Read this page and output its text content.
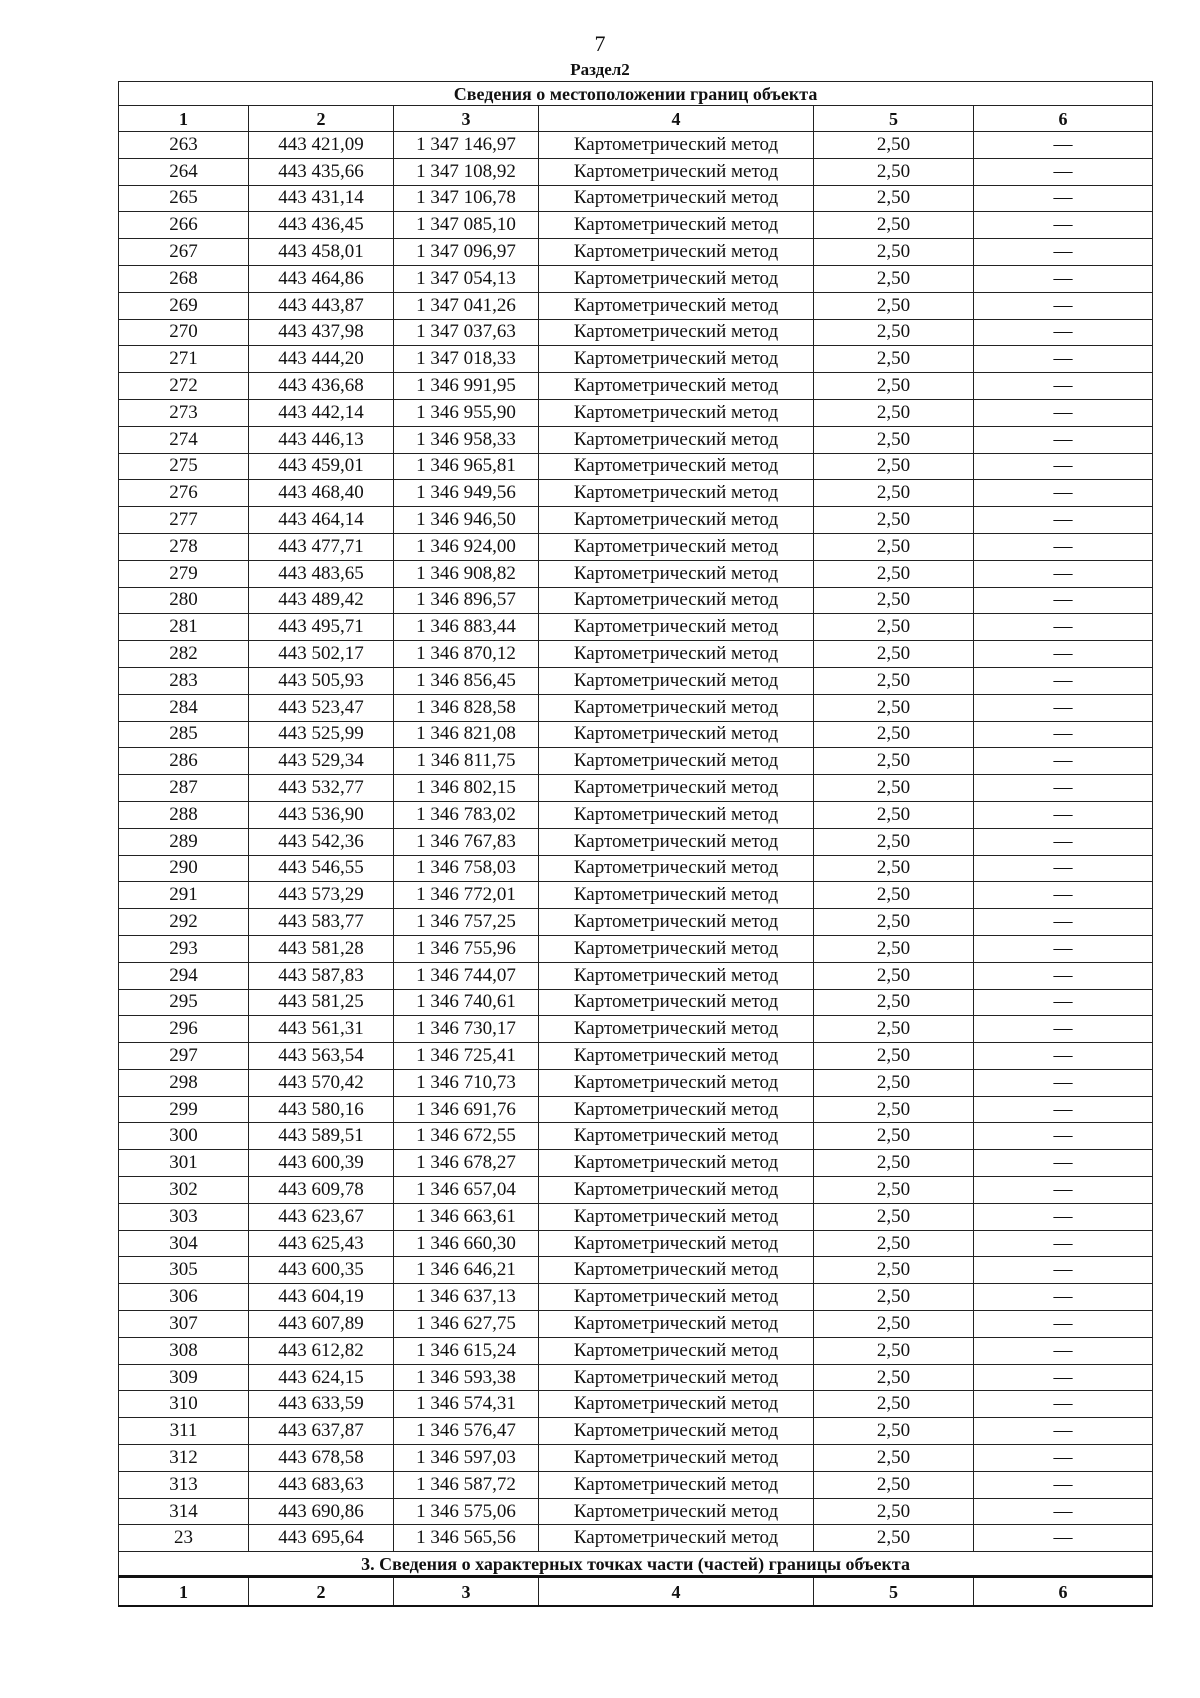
7
Раздел2
Сведения о местоположении границ объекта					
1	2	3	4	5	6
263	443 421,09	1 347 146,97	Картометрический метод	2,50	—
264	443 435,66	1 347 108,92	Картометрический метод	2,50	—
265	443 431,14	1 347 106,78	Картометрический метод	2,50	—
266	443 436,45	1 347 085,10	Картометрический метод	2,50	—
267	443 458,01	1 347 096,97	Картометрический метод	2,50	—
268	443 464,86	1 347 054,13	Картометрический метод	2,50	—
269	443 443,87	1 347 041,26	Картометрический метод	2,50	—
270	443 437,98	1 347 037,63	Картометрический метод	2,50	—
271	443 444,20	1 347 018,33	Картометрический метод	2,50	—
272	443 436,68	1 346 991,95	Картометрический метод	2,50	—
273	443 442,14	1 346 955,90	Картометрический метод	2,50	—
274	443 446,13	1 346 958,33	Картометрический метод	2,50	—
275	443 459,01	1 346 965,81	Картометрический метод	2,50	—
276	443 468,40	1 346 949,56	Картометрический метод	2,50	—
277	443 464,14	1 346 946,50	Картометрический метод	2,50	—
278	443 477,71	1 346 924,00	Картометрический метод	2,50	—
279	443 483,65	1 346 908,82	Картометрический метод	2,50	—
280	443 489,42	1 346 896,57	Картометрический метод	2,50	—
281	443 495,71	1 346 883,44	Картометрический метод	2,50	—
282	443 502,17	1 346 870,12	Картометрический метод	2,50	—
283	443 505,93	1 346 856,45	Картометрический метод	2,50	—
284	443 523,47	1 346 828,58	Картометрический метод	2,50	—
285	443 525,99	1 346 821,08	Картометрический метод	2,50	—
286	443 529,34	1 346 811,75	Картометрический метод	2,50	—
287	443 532,77	1 346 802,15	Картометрический метод	2,50	—
288	443 536,90	1 346 783,02	Картометрический метод	2,50	—
289	443 542,36	1 346 767,83	Картометрический метод	2,50	—
290	443 546,55	1 346 758,03	Картометрический метод	2,50	—
291	443 573,29	1 346 772,01	Картометрический метод	2,50	—
292	443 583,77	1 346 757,25	Картометрический метод	2,50	—
293	443 581,28	1 346 755,96	Картометрический метод	2,50	—
294	443 587,83	1 346 744,07	Картометрический метод	2,50	—
295	443 581,25	1 346 740,61	Картометрический метод	2,50	—
296	443 561,31	1 346 730,17	Картометрический метод	2,50	—
297	443 563,54	1 346 725,41	Картометрический метод	2,50	—
298	443 570,42	1 346 710,73	Картометрический метод	2,50	—
299	443 580,16	1 346 691,76	Картометрический метод	2,50	—
300	443 589,51	1 346 672,55	Картометрический метод	2,50	—
301	443 600,39	1 346 678,27	Картометрический метод	2,50	—
302	443 609,78	1 346 657,04	Картометрический метод	2,50	—
303	443 623,67	1 346 663,61	Картометрический метод	2,50	—
304	443 625,43	1 346 660,30	Картометрический метод	2,50	—
305	443 600,35	1 346 646,21	Картометрический метод	2,50	—
306	443 604,19	1 346 637,13	Картометрический метод	2,50	—
307	443 607,89	1 346 627,75	Картометрический метод	2,50	—
308	443 612,82	1 346 615,24	Картометрический метод	2,50	—
309	443 624,15	1 346 593,38	Картометрический метод	2,50	—
310	443 633,59	1 346 574,31	Картометрический метод	2,50	—
311	443 637,87	1 346 576,47	Картометрический метод	2,50	—
312	443 678,58	1 346 597,03	Картометрический метод	2,50	—
313	443 683,63	1 346 587,72	Картометрический метод	2,50	—
314	443 690,86	1 346 575,06	Картометрический метод	2,50	—
23	443 695,64	1 346 565,56	Картометрический метод	2,50	—
3. Сведения о характерных точках части (частей) границы объекта					
1	2	3	4	5	6
